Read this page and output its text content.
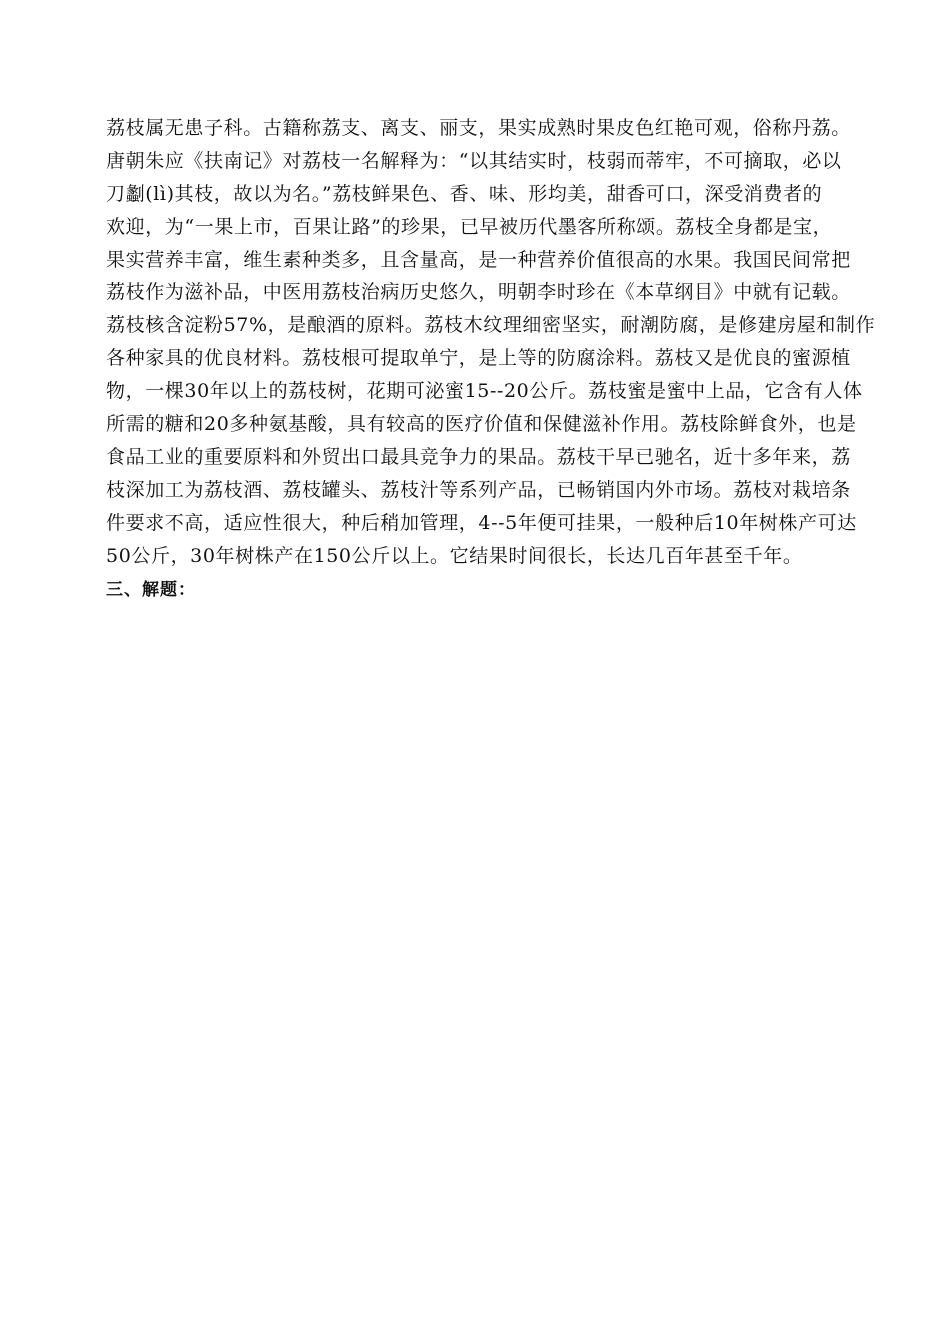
荔枝属无患子科。古籍称荔支、离支、丽支，果实成熟时果皮色红艳可观，俗称丹荔。
唐朝朱应《扶南记》对荔枝一名解释为：“以其结实时，枝弱而蒂牢，不可摘取，必以
刀劙(lì)其枝，故以为名。”荔枝鲜果色、香、味、形均美，甜香可口，深受消费者的
欢迎，为“一果上市，百果让路”的珍果，已早被历代墨客所称颂。荔枝全身都是宝，
果实营养丰富，维生素种类多，且含量高，是一种营养价值很高的水果。我国民间常把
荔枝作为滋补品，中医用荔枝治病历史悠久，明朝李时珍在《本草纲目》中就有记载。
荔枝核含淀粉57%，是酿酒的原料。荔枝木纹理细密坚实，耐潮防腐，是修建房屋和制作
各种家具的优良材料。荔枝根可提取单宁，是上等的防腐涂料。荔枝又是优良的蜜源植
物，一棵30年以上的荔枝树，花期可泌蜜15--20公斤。荔枝蜜是蜜中上品，它含有人体
所需的糖和20多种氨基酸，具有较高的医疗价值和保健滋补作用。荔枝除鲜食外，也是
食品工业的重要原料和外贸出口最具竞争力的果品。荔枝干早已驰名，近十多年来，荔
枝深加工为荔枝酒、荔枝罐头、荔枝汁等系列产品，已畅销国内外市场。荔枝对栽培条
件要求不高，适应性很大，种后稍加管理，4--5年便可挂果，一般种后10年树株产可达
50公斤，30年树株产在150公斤以上。它结果时间很长，长达几百年甚至千年。
三、解题：
